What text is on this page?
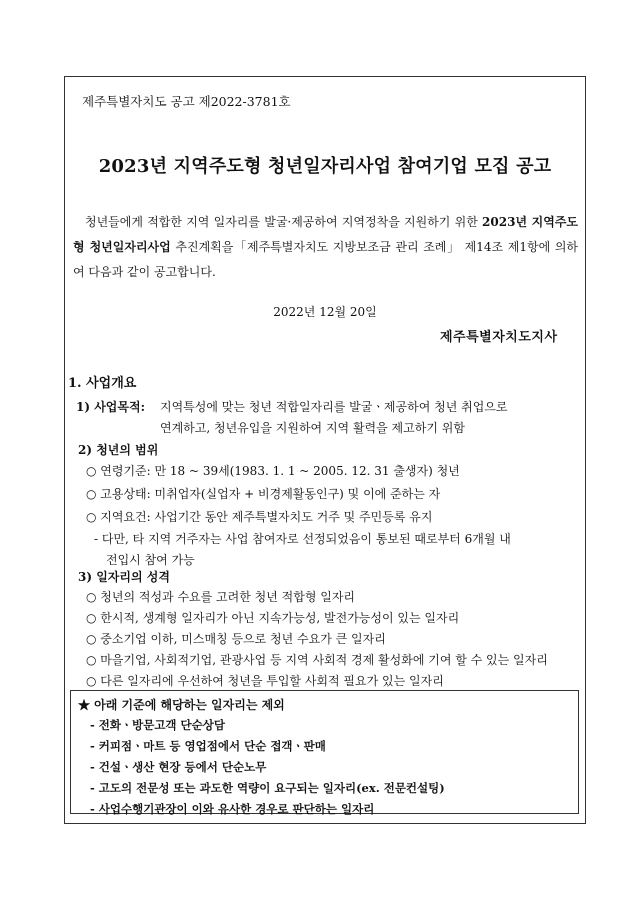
제주특별자치도 공고 제2022-3781호
2023년 지역주도형 청년일자리사업 참여기업 모집 공고
청년들에게 적합한 지역 일자리를 발굴·제공하여 지역정착을 지원하기 위한 2023년 지역주도형 청년일자리사업 추진계획을「제주특별자치도 지방보조금 관리 조례」 제14조 제1항에 의하여 다음과 같이 공고합니다.
2022년 12월 20일
제주특별자치도지사
1. 사업개요
1) 사업목적: 지역특성에 맞는 청년 적합일자리를 발굴ㆍ제공하여 청년 취업으로
연계하고, 청년유입을 지원하여 지역 활력을 제고하기 위함
2) 청년의 범위
○ 연령기준: 만 18 ~ 39세(1983. 1. 1 ~ 2005. 12. 31 출생자) 청년
○ 고용상태: 미취업자(실업자 + 비경제활동인구) 및 이에 준하는 자
○ 지역요건: 사업기간 동안 제주특별자치도 거주 및 주민등록 유지
- 다만, 타 지역 거주자는 사업 참여자로 선정되었음이 통보된 때로부터 6개월 내
전입시 참여 가능
3) 일자리의 성격
○ 청년의 적성과 수요를 고려한 청년 적합형 일자리
○ 한시적, 생계형 일자리가 아닌 지속가능성, 발전가능성이 있는 일자리
○ 중소기업 이하, 미스매칭 등으로 청년 수요가 큰 일자리
○ 마을기업, 사회적기업, 관광사업 등 지역 사회적 경제 활성화에 기여 할 수 있는 일자리
★ 아래 기준에 해당하는 일자리는 제외
- 전화ㆍ방문고객 단순상담
- 커피점ㆍ마트 등 영업점에서 단순 접객ㆍ판매
- 건설ㆍ생산 현장 등에서 단순노무
- 고도의 전문성 또는 과도한 역량이 요구되는 일자리(ex. 전문컨설팅)
- 사업수행기관장이 이와 유사한 경우로 판단하는 일자리
○ 다른 일자리에 우선하여 청년을 투입할 사회적 필요가 있는 일자리
